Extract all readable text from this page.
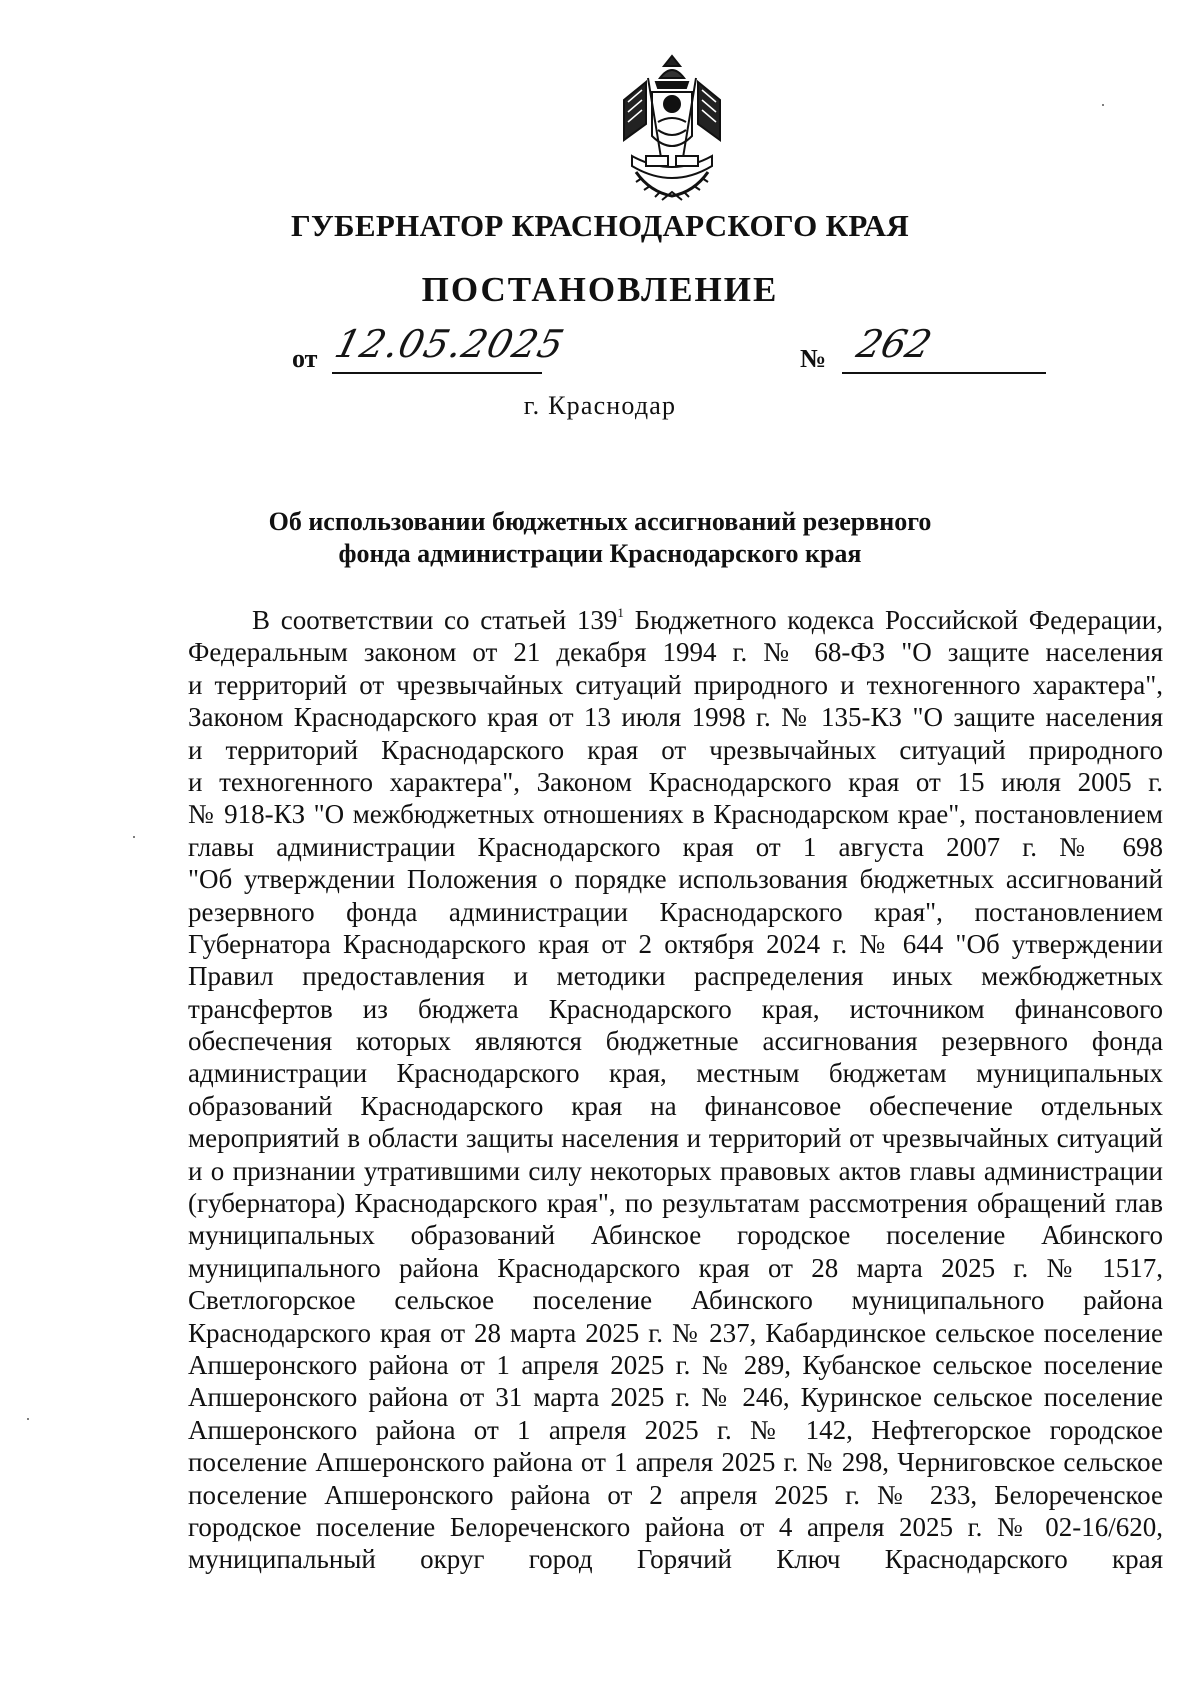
ГУБЕРНАТОР КРАСНОДАРСКОГО КРАЯ
ПОСТАНОВЛЕНИЕ
от 12.05.2025	№ 262
г. Краснодар
Об использовании бюджетных ассигнований резервного
фонда администрации Краснодарского края
В соответствии со статьей $139^1$ Бюджетного кодекса Российской Федерации,
Федеральным законом от 21 декабря 1994 г. № 68-ФЗ "О защите населения
и территорий от чрезвычайных ситуаций природного и техногенного характера",
Законом Краснодарского края от 13 июля 1998 г. № 135-КЗ "О защите населения
и территорий Краснодарского края от чрезвычайных ситуаций природного
и техногенного характера", Законом Краснодарского края от 15 июля 2005 г.
№ 918-КЗ "О межбюджетных отношениях в Краснодарском крае", постановлением
главы администрации Краснодарского края от 1 августа 2007 г. № 698
"Об утверждении Положения о порядке использования бюджетных ассигнований
резервного фонда администрации Краснодарского края", постановлением
Губернатора Краснодарского края от 2 октября 2024 г. № 644 "Об утверждении
Правил предоставления и методики распределения иных межбюджетных
трансфертов из бюджета Краснодарского края, источником финансового
обеспечения которых являются бюджетные ассигнования резервного фонда
администрации Краснодарского края, местным бюджетам муниципальных
образований Краснодарского края на финансовое обеспечение отдельных
мероприятий в области защиты населения и территорий от чрезвычайных ситуаций
и о признании утратившими силу некоторых правовых актов главы администрации
(губернатора) Краснодарского края", по результатам рассмотрения обращений глав
муниципальных образований Абинское городское поселение Абинского
муниципального района Краснодарского края от 28 марта 2025 г. № 1517,
Светлогорское сельское поселение Абинского муниципального района
Краснодарского края от 28 марта 2025 г. № 237, Кабардинское сельское поселение
Апшеронского района от 1 апреля 2025 г. № 289, Кубанское сельское поселение
Апшеронского района от 31 марта 2025 г. № 246, Куринское сельское поселение
Апшеронского района от 1 апреля 2025 г. № 142, Нефтегорское городское
поселение Апшеронского района от 1 апреля 2025 г. № 298, Черниговское сельское
поселение Апшеронского района от 2 апреля 2025 г. № 233, Белореченское
городское поселение Белореченского района от 4 апреля 2025 г. № 02-16/620,
муниципальный округ город Горячий Ключ Краснодарского края
